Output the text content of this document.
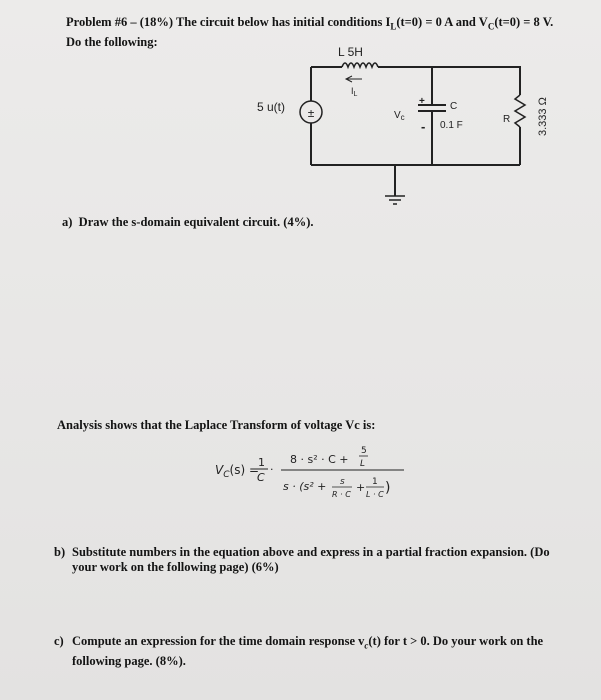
Problem #6 – (18%) The circuit below has initial conditions $I_L(t=0) = 0$ A and $V_C(t=0) = 8$ V.
Do the following:
±
L 5H
$I_L$
5 u(t)
$V_c$
+
-
C
0.1 F
R 3.333 Ω
a) Draw the s-domain equivalent circuit. (4%).
Analysis shows that the Laplace Transform of voltage Vc is:
$V_C(s)$ =
1
C
·
8 · s² · C +
5
L
s · (s² + s
R · C
+ 1
L · C )
b) Substitute numbers in the equation above and express in a partial fraction expansion. (Do
your work on the following page) (6%)
c) Compute an expression for the time domain response $v_c(t)$ for t > 0. Do your work on the
following page. (8%).
